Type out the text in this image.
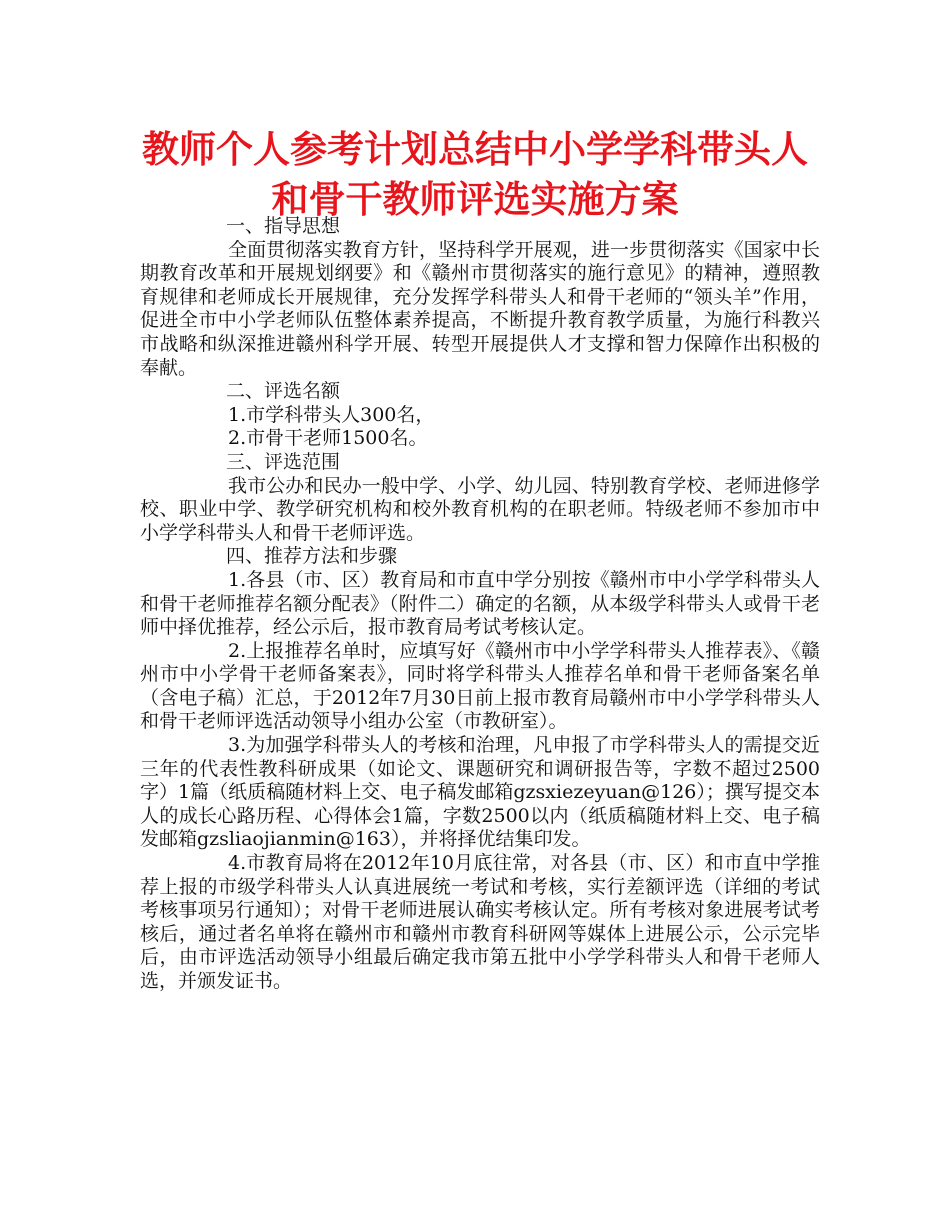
教师个人参考计划总结中小学学科带头人
和骨干教师评选实施方案

一、指导思想

全面贯彻落实教育方针，坚持科学开展观，进一步贯彻落实《国家中长期教育改革和开展规划纲要》和《赣州市贯彻落实的施行意见》的精神，遵照教育规律和老师成长开展规律，充分发挥学科带头人和骨干老师的“领头羊”作用，促进全市中小学老师队伍整体素养提高，不断提升教育教学质量，为施行科教兴市战略和纵深推进赣州科学开展、转型开展提供人才支撑和智力保障作出积极的奉献。

二、评选名额

1.市学科带头人300名，

2.市骨干老师1500名。

三、评选范围

我市公办和民办一般中学、小学、幼儿园、特别教育学校、老师进修学校、职业中学、教学研究机构和校外教育机构的在职老师。特级老师不参加市中小学学科带头人和骨干老师评选。

四、推荐方法和步骤

1.各县（市、区）教育局和市直中学分别按《赣州市中小学学科带头人和骨干老师推荐名额分配表》（附件二）确定的名额，从本级学科带头人或骨干老师中择优推荐，经公示后，报市教育局考试考核认定。

2.上报推荐名单时，应填写好《赣州市中小学学科带头人推荐表》、《赣州市中小学骨干老师备案表》，同时将学科带头人推荐名单和骨干老师备案名单（含电子稿）汇总，于2012年7月30日前上报市教育局赣州市中小学学科带头人和骨干老师评选活动领导小组办公室（市教研室）。

3.为加强学科带头人的考核和治理，凡申报了市学科带头人的需提交近三年的代表性教科研成果（如论文、课题研究和调研报告等，字数不超过2500字）1篇（纸质稿随材料上交、电子稿发邮箱gzsxiezeyuan@126）；撰写提交本人的成长心路历程、心得体会1篇，字数2500以内（纸质稿随材料上交、电子稿发邮箱gzsliaojianmin@163），并将择优结集印发。

4.市教育局将在2012年10月底往常，对各县（市、区）和市直中学推荐上报的市级学科带头人认真进展统一考试和考核，实行差额评选（详细的考试考核事项另行通知）；对骨干老师进展认确实考核认定。所有考核对象进展考试考核后，通过者名单将在赣州市和赣州市教育科研网等媒体上进展公示，公示完毕后，由市评选活动领导小组最后确定我市第五批中小学学科带头人和骨干老师人选，并颁发证书。
